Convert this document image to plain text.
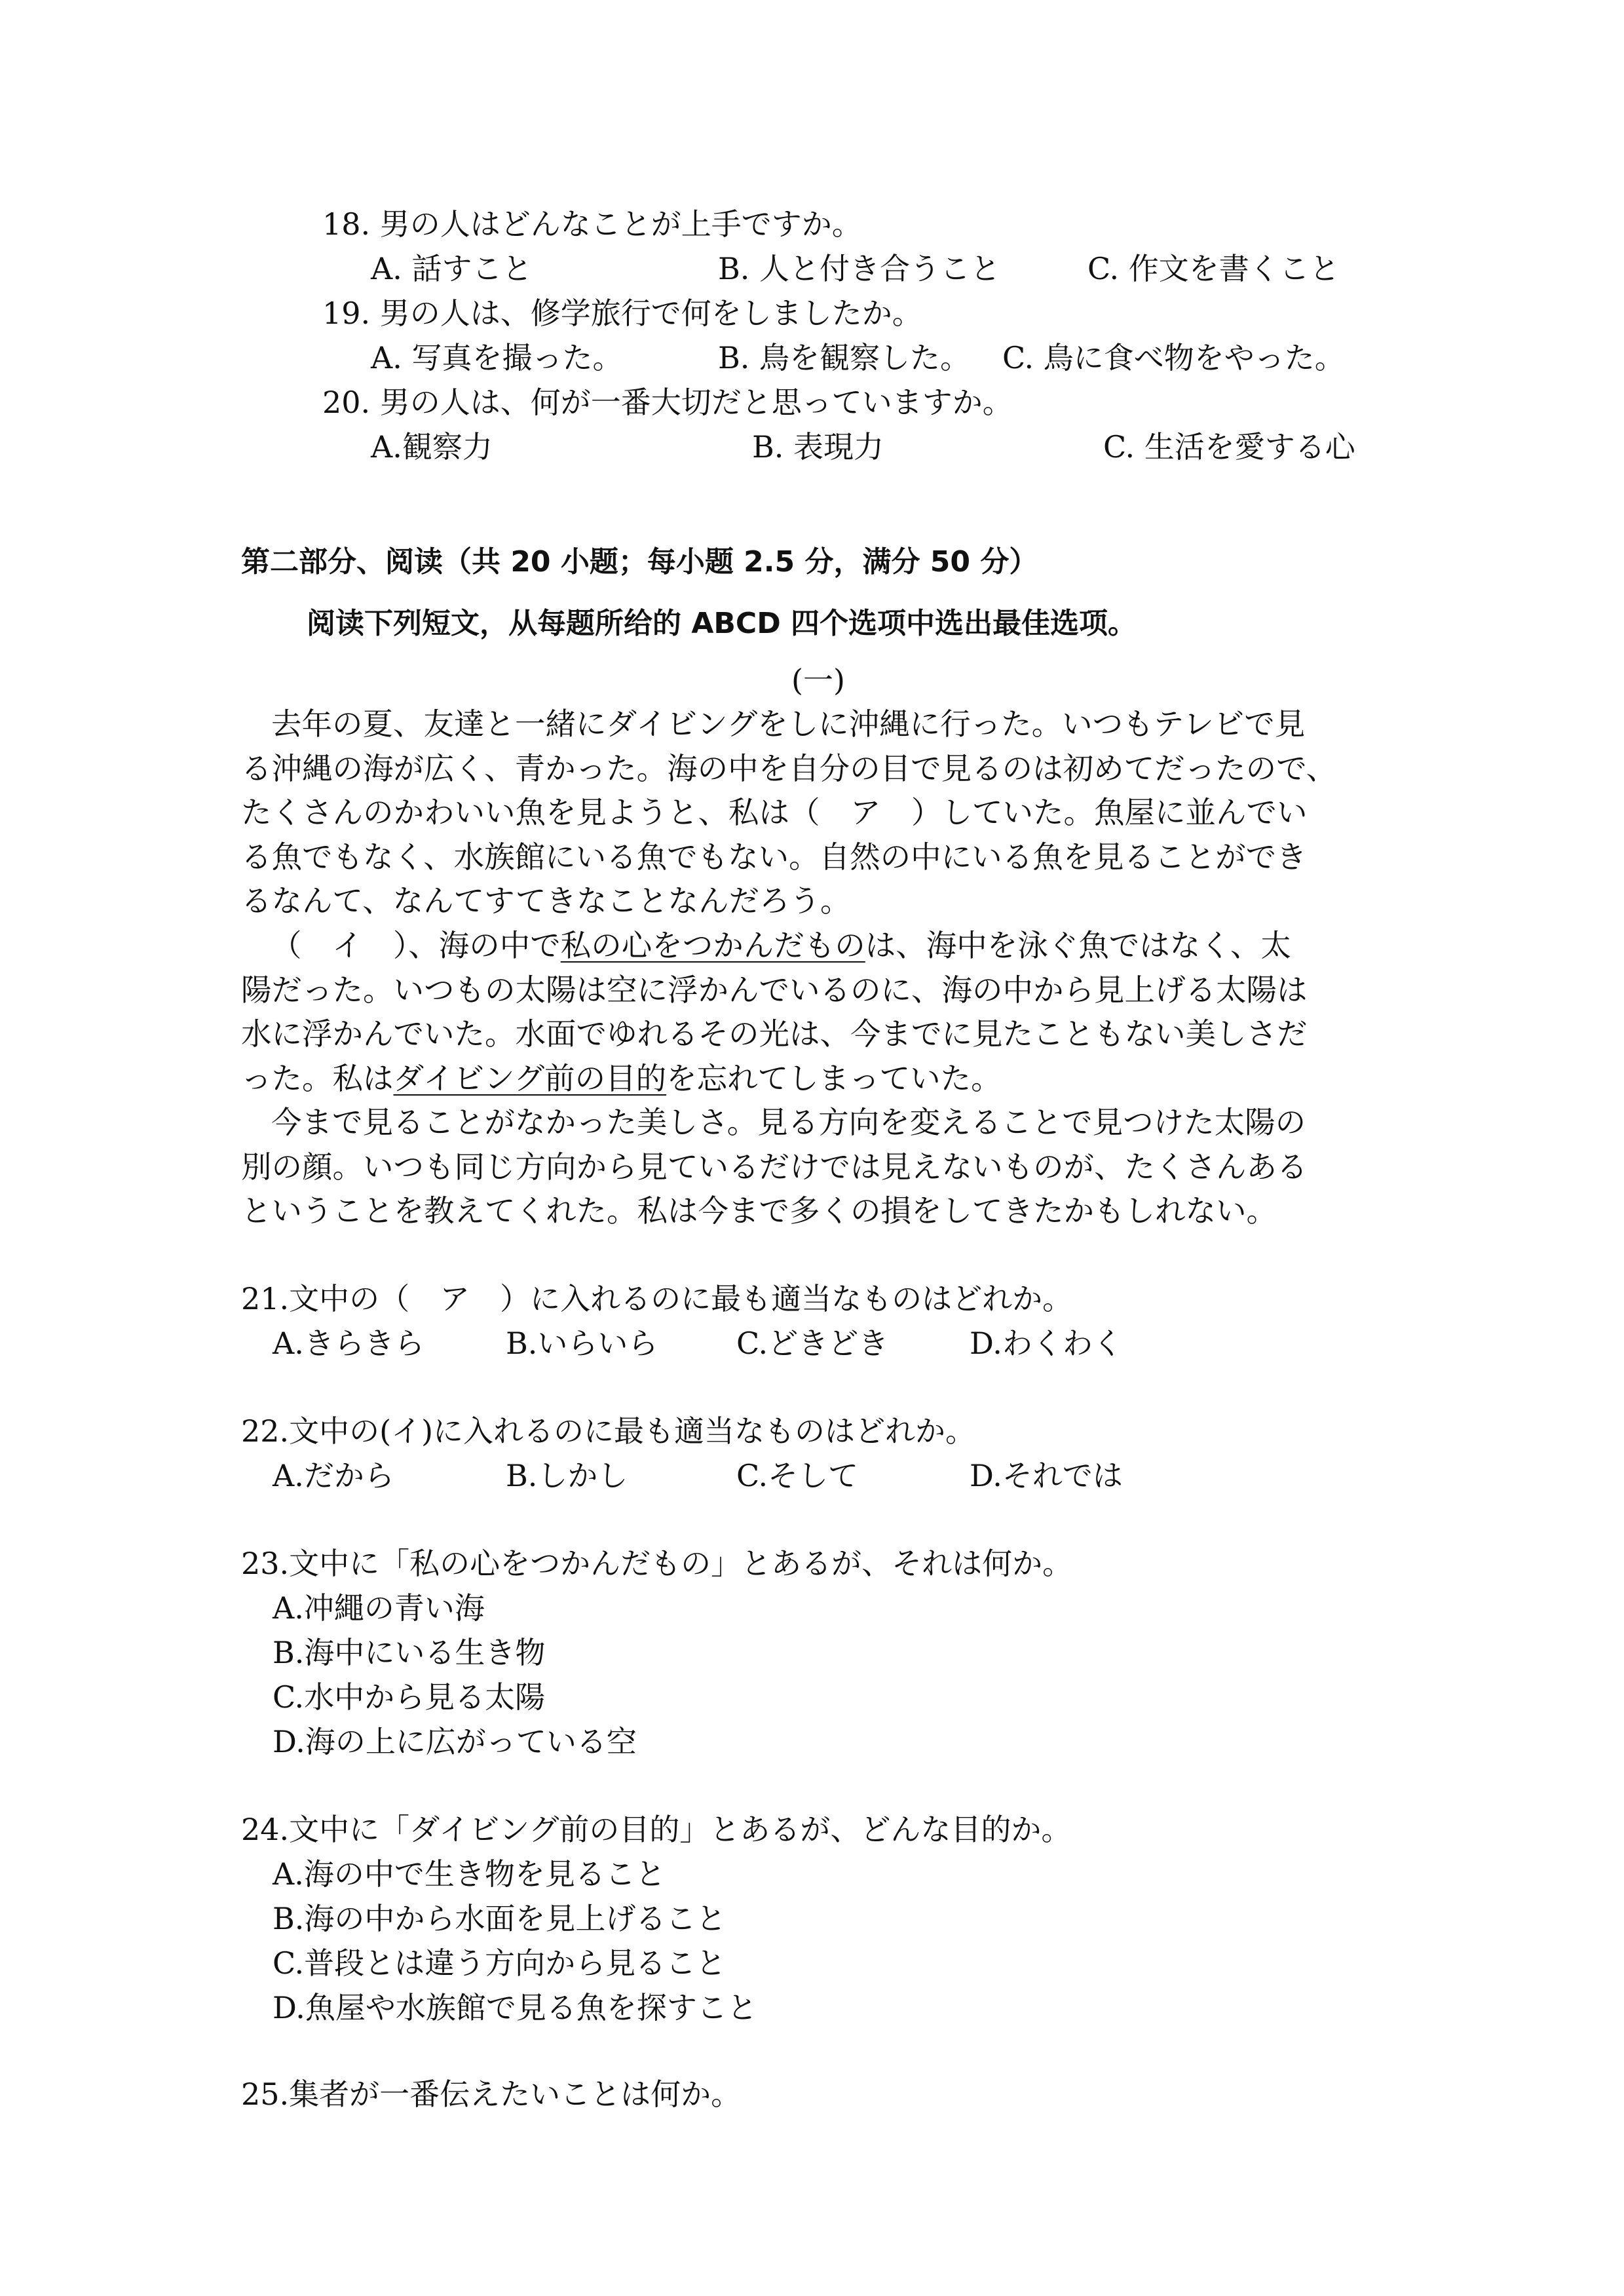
18. 男の人はどんなことが上手ですか。
A. 話すこと	B. 人と付き合うこと	C. 作文を書くこと
19. 男の人は、修学旅行で何をしましたか。
A. 写真を撮った。	B. 鳥を観察した。 C. 鳥に食べ物をやった。
20. 男の人は、何が一番大切だと思っていますか。
A.観察力	B. 表現力	C. 生活を愛する心
第二部分、阅读（共 20 小题；每小题 2.5 分，满分 50 分）
阅读下列短文，从每题所给的 ABCD 四个选项中选出最佳选项。
(一)
去年の夏、友達と一緒にダイビングをしに沖縄に行った。いつもテレビで見
る沖縄の海が広く、青かった。海の中を自分の目で見るのは初めてだったので、
たくさんのかわいい魚を見ようと、私は（　ア　）していた。魚屋に並んでい
る魚でもなく、水族館にいる魚でもない。自然の中にいる魚を見ることができ
るなんて、なんてすてきなことなんだろう。
（　イ　）、海の中で私の心をつかんだものは、海中を泳ぐ魚ではなく、太
陽だった。いつもの太陽は空に浮かんでいるのに、海の中から見上げる太陽は
水に浮かんでいた。水面でゆれるその光は、今までに見たこともない美しさだ
った。私はダイビング前の目的を忘れてしまっていた。
今まで見ることがなかった美しさ。見る方向を変えることで見つけた太陽の
別の顔。いつも同じ方向から見ているだけでは見えないものが、たくさんある
ということを教えてくれた。私は今まで多くの損をしてきたかもしれない。
21.文中の（　ア　）に入れるのに最も適当なものはどれか。
A.きらきら	B.いらいら	C.どきどき	D.わくわく
22.文中の(イ)に入れるのに最も適当なものはどれか。
A.だから	B.しかし	C.そして	D.それでは
23.文中に「私の心をつかんだもの」とあるが、それは何か。
A.冲繩の青い海
B.海中にいる生き物
C.水中から見る太陽
D.海の上に広がっている空
24.文中に「ダイビング前の目的」とあるが、どんな目的か。
A.海の中で生き物を見ること
B.海の中から水面を見上げること
C.普段とは違う方向から見ること
D.魚屋や水族館で見る魚を探すこと
25.集者が一番伝えたいことは何か。
